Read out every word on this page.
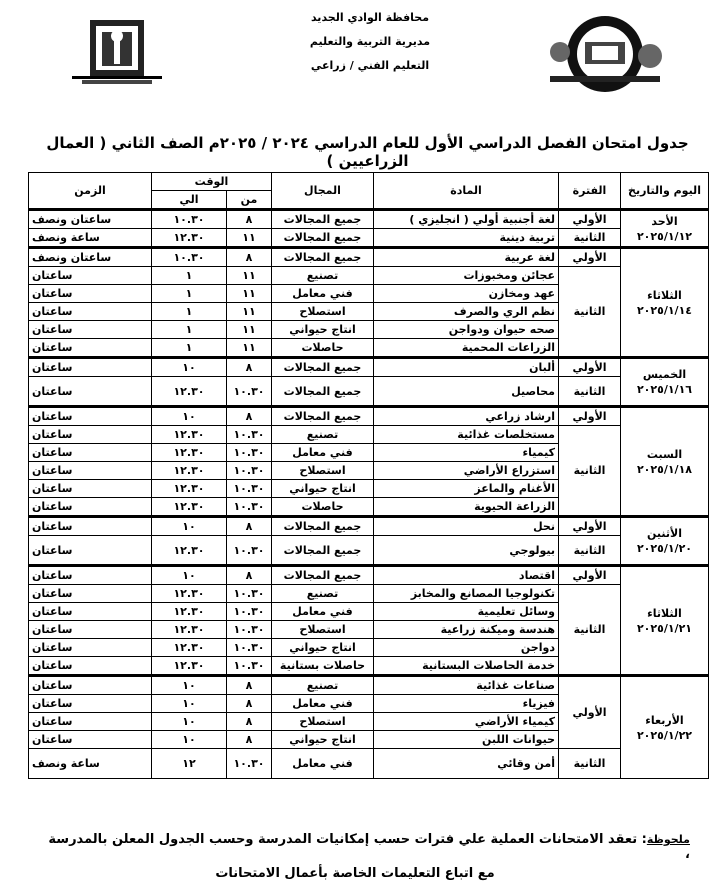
محافظة الوادي الجديد
مديرية التربية والتعليم
التعليم الفني / زراعي
جدول امتحان الفصل الدراسي الأول للعام الدراسي ٢٠٢٤ / ٢٠٢٥م الصف الثاني ( العمال الزراعيين )
اليوم والتاريخ	الفترة	المادة	المجال	الوقت		الزمن
				من	الي	

الأحد
٢٠٢٥/١/١٢	الأولي	لغة أجنبية أولي ( انجليزي )	جميع المجالات	٨	١٠.٣٠	ساعتان ونصف
	الثانية	تربية دينية	جميع المجالات	١١	١٢.٣٠	ساعة ونصف

الثلاثاء
٢٠٢٥/١/١٤	الأولي	لغة عربية	جميع المجالات	٨	١٠.٣٠	ساعتان ونصف
	الثانية	عجائن ومخبوزات	تصنيع	١١	١	ساعتان
		عهد ومخازن	فني معامل	١١	١	ساعتان
		نظم الري والصرف	استصلاح	١١	١	ساعتان
		صحه حيوان ودواجن	انتاج حيواني	١١	١	ساعتان
		الزراعات المحمية	حاصلات	١١	١	ساعتان

الخميس
٢٠٢٥/١/١٦	الأولي	ألبان	جميع المجالات	٨	١٠	ساعتان
	الثانية	محاصيل	جميع المجالات	١٠.٣٠	١٢.٣٠	ساعتان

السبت
٢٠٢٥/١/١٨	الأولي	ارشاد زراعي	جميع المجالات	٨	١٠	ساعتان
	الثانية	مستخلصات غذائية	تصنيع	١٠.٣٠	١٢.٣٠	ساعتان
		كيمياء	فني معامل	١٠.٣٠	١٢.٣٠	ساعتان
		استزراع الأراضي	استصلاح	١٠.٣٠	١٢.٣٠	ساعتان
		الأغنام والماعز	انتاج حيواني	١٠.٣٠	١٢.٣٠	ساعتان
		الزراعة الحيوية	حاصلات	١٠.٣٠	١٢.٣٠	ساعتان

الأثنين
٢٠٢٥/١/٢٠	الأولي	نحل	جميع المجالات	٨	١٠	ساعتان
	الثانية	بيولوجي	جميع المجالات	١٠.٣٠	١٢.٣٠	ساعتان

الثلاثاء
٢٠٢٥/١/٢١	الأولي	اقتصاد	جميع المجالات	٨	١٠	ساعتان
	الثانية	تكنولوجيا المصانع والمخابز	تصنيع	١٠.٣٠	١٢.٣٠	ساعتان
		وسائل تعليمية	فني معامل	١٠.٣٠	١٢.٣٠	ساعتان
		هندسة وميكنة زراعية	استصلاح	١٠.٣٠	١٢.٣٠	ساعتان
		دواجن	انتاج حيواني	١٠.٣٠	١٢.٣٠	ساعتان
		خدمة الحاصلات البستانية	حاصلات بستانية	١٠.٣٠	١٢.٣٠	ساعتان

الأربعاء
٢٠٢٥/١/٢٢	الأولي	صناعات غذائية	تصنيع	٨	١٠	ساعتان
		فيزياء	فني معامل	٨	١٠	ساعتان
		كيمياء الأراضي	استصلاح	٨	١٠	ساعتان
		حيوانات اللبن	انتاج حيواني	٨	١٠	ساعتان
	الثانية	أمن وقائي	فني معامل	١٠.٣٠	١٢	ساعة ونصف
ملحوظة: تعقد الامتحانات العملية علي فترات حسب إمكانيات المدرسة وحسب الجدول المعلن بالمدرسة ،
مع اتباع التعليمات الخاصة بأعمال الامتحانات
